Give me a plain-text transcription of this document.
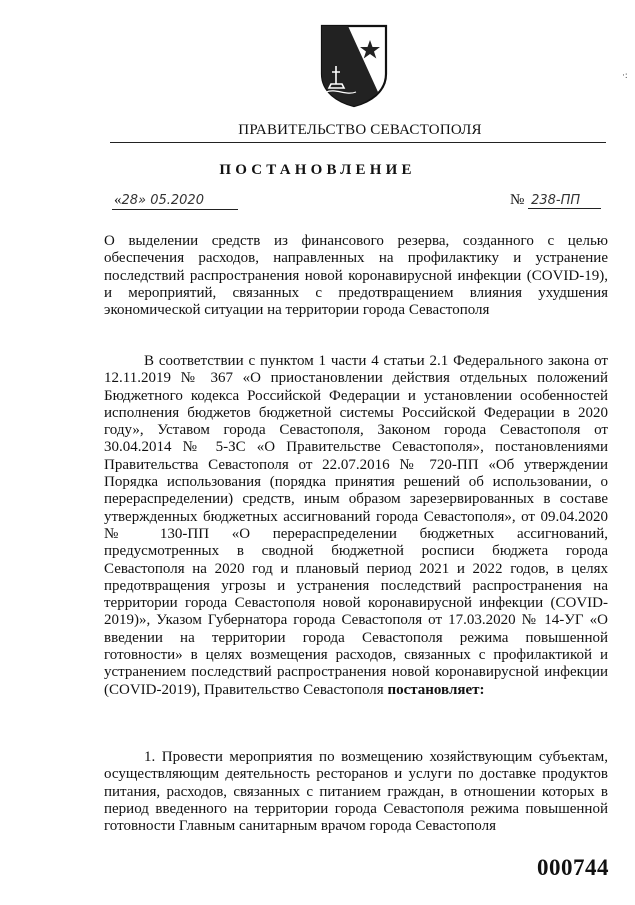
ПРАВИТЕЛЬСТВО СЕВАСТОПОЛЯ
ПОСТАНОВЛЕНИЕ
«28» 05.2020	№ 238-ПП
О выделении средств из финансового резерва, созданного с целью обеспечения расходов, направленных на профилактику и устранение последствий распространения новой коронавирусной инфекции (COVID-19), и мероприятий, связанных с предотвращением влияния ухудшения экономической ситуации на территории города Севастополя
В соответствии с пунктом 1 части 4 статьи 2.1 Федерального закона от 12.11.2019 № 367 «О приостановлении действия отдельных положений Бюджетного кодекса Российской Федерации и установлении особенностей исполнения бюджетов бюджетной системы Российской Федерации в 2020 году», Уставом города Севастополя, Законом города Севастополя от 30.04.2014 № 5-ЗС «О Правительстве Севастополя», постановлениями Правительства Севастополя от 22.07.2016 № 720-ПП «Об утверждении Порядка использования (порядка принятия решений об использовании, о перераспределении) средств, иным образом зарезервированных в составе утвержденных бюджетных ассигнований города Севастополя», от 09.04.2020 № 130-ПП «О перераспределении бюджетных ассигнований, предусмотренных в сводной бюджетной росписи бюджета города Севастополя на 2020 год и плановый период 2021 и 2022 годов, в целях предотвращения угрозы и устранения последствий распространения на территории города Севастополя новой коронавирусной инфекции (COVID-2019)», Указом Губернатора города Севастополя от 17.03.2020 № 14-УГ «О введении на территории города Севастополя режима повышенной готовности» в целях возмещения расходов, связанных с профилактикой и устранением последствий распространения новой коронавирусной инфекции (COVID-2019), Правительство Севастополя постановляет:
1. Провести мероприятия по возмещению хозяйствующим субъектам, осуществляющим деятельность ресторанов и услуги по доставке продуктов питания, расходов, связанных с питанием граждан, в отношении которых в период введенного на территории города Севастополя режима повышенной готовности Главным санитарным врачом города Севастополя
000744
·:
